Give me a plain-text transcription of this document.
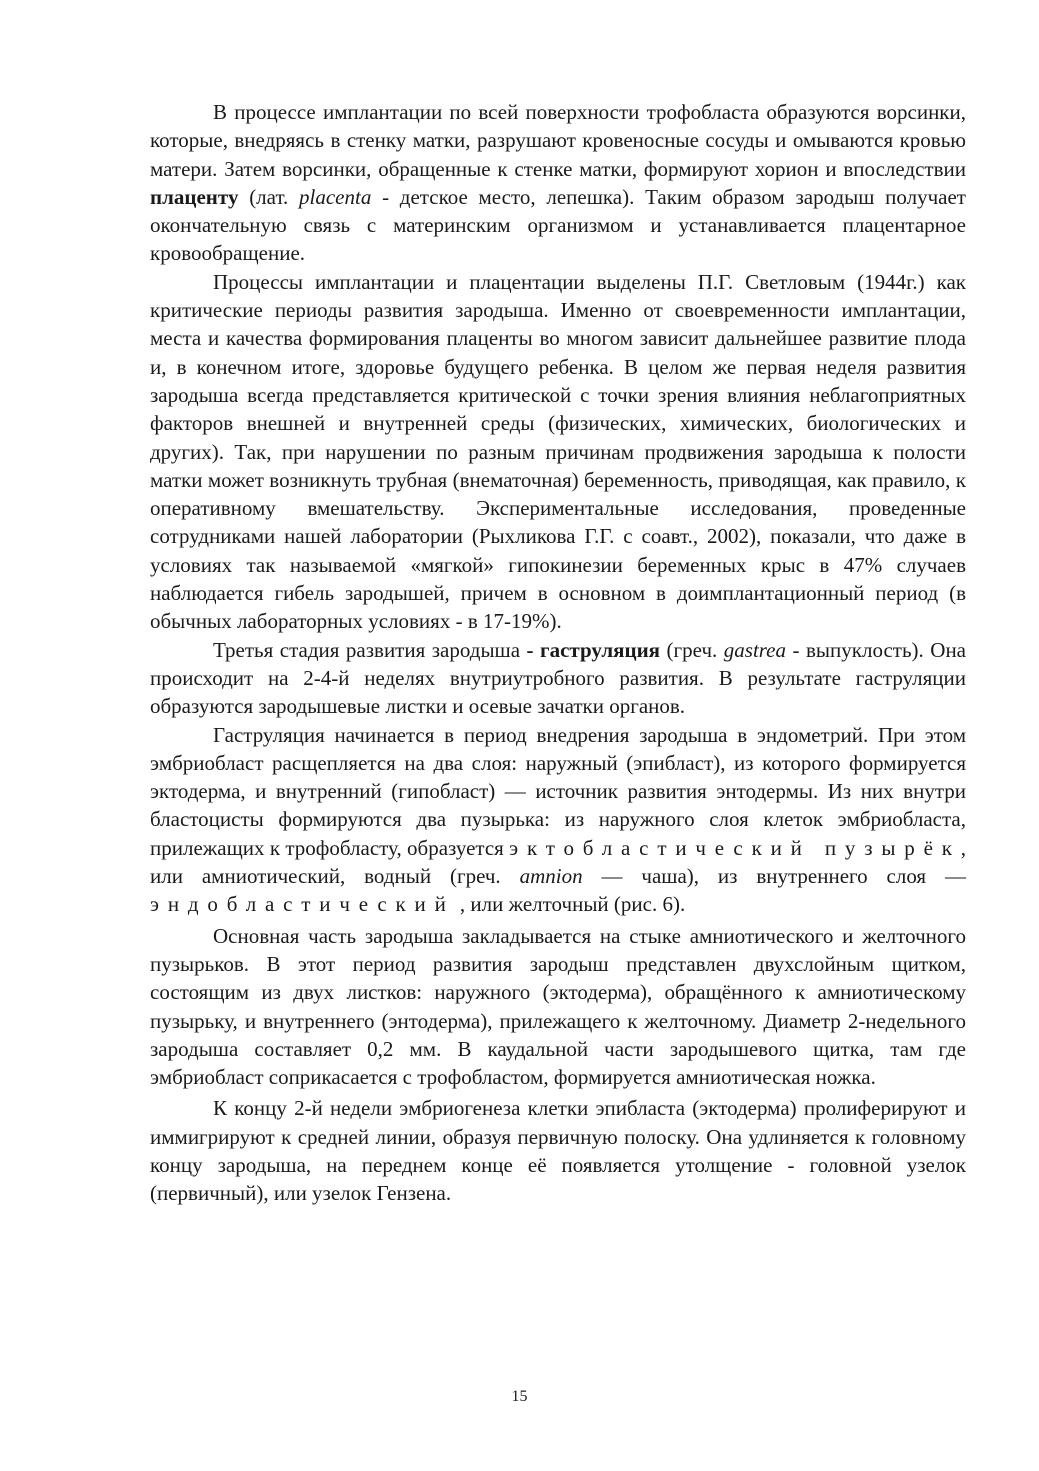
В процессе имплантации по всей поверхности трофобласта образуются ворсинки, которые, внедряясь в стенку матки, разрушают кровеносные сосуды и омываются кровью матери. Затем ворсинки, обращенные к стенке матки, формируют хорион и впоследствии плаценту (лат. placenta - детское место, лепешка). Таким образом зародыш получает окончательную связь с материнским организмом и устанавливается плацентарное кровообращение.

Процессы имплантации и плацентации выделены П.Г. Светловым (1944г.) как критические периоды развития зародыша. Именно от своевременности имплантации, места и качества формирования плаценты во многом зависит дальнейшее развитие плода и, в конечном итоге, здоровье будущего ребенка. В целом же первая неделя развития зародыша всегда представляется критической с точки зрения влияния неблагоприятных факторов внешней и внутренней среды (физических, химических, биологических и других). Так, при нарушении по разным причинам продвижения зародыша к полости матки может возникнуть трубная (внематочная) беременность, приводящая, как правило, к оперативному вмешательству. Экспериментальные исследования, проведенные сотрудниками нашей лаборатории (Рыхликова Г.Г. с соавт., 2002), показали, что даже в условиях так называемой «мягкой» гипокинезии беременных крыс в 47% случаев наблюдается гибель зародышей, причем в основном в доимплантационный период (в обычных лабораторных условиях - в 17-19%).

Третья стадия развития зародыша - гаструляция (греч. gastrea - выпуклость). Она происходит на 2-4-й неделях внутриутробного развития. В результате гаструляции образуются зародышевые листки и осевые зачатки органов.

Гаструляция начинается в период внедрения зародыша в эндометрий. При этом эмбриобласт расщепляется на два слоя: наружный (эпибласт), из которого формируется эктодерма, и внутренний (гипобласт) — источник развития энтодермы. Из них внутри бластоцисты формируются два пузырька: из наружного слоя клеток эмбриобласта, прилежащих к трофобласту, образуется эктобластический пузырёк, или амниотический, водный (греч. amnion — чаша), из внутреннего слоя — эндобластический , или желточный (рис. 6).

Основная часть зародыша закладывается на стыке амниотического и желточного пузырьков. В этот период развития зародыш представлен двухслойным щитком, состоящим из двух листков: наружного (эктодерма), обращённого к амниотическому пузырьку, и внутреннего (энтодерма), прилежащего к желточному. Диаметр 2-недельного зародыша составляет 0,2 мм. В каудальной части зародышевого щитка, там где эмбриобласт соприкасается с трофобластом, формируется амниотическая ножка.

К концу 2-й недели эмбриогенеза клетки эпибласта (эктодерма) пролиферируют и иммигрируют к средней линии, образуя первичную полоску. Она удлиняется к головному концу зародыша, на переднем конце её появляется утолщение - головной узелок (первичный), или узелок Гензена.

15
